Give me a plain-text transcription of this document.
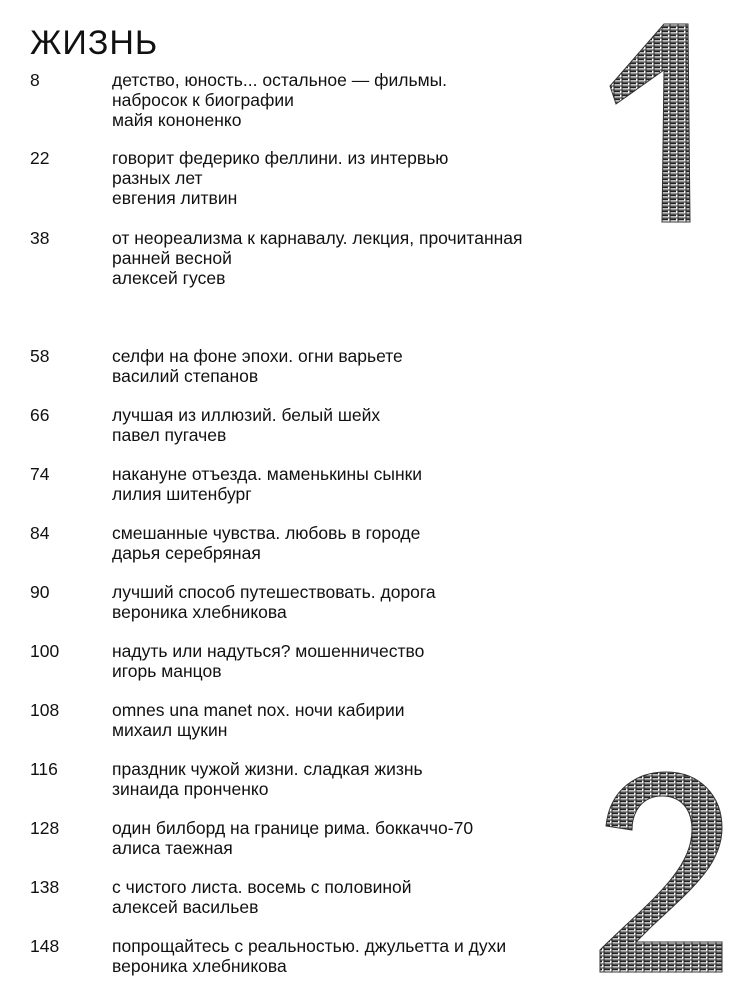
ЖИЗНЬ
1
2
8	детство, юность... остальное — фильмы.
набросок к биографии
майя кононенко
22	говорит федерико феллини. из интервью
разных лет
евгения литвин
38	от неореализма к карнавалу. лекция, прочитанная
ранней весной
алексей гусев
58	селфи на фоне эпохи. огни варьете
василий степанов
66	лучшая из иллюзий. белый шейх
павел пугачев
74	накануне отъезда. маменькины сынки
лилия шитенбург
84	смешанные чувства. любовь в городе
дарья серебряная
90	лучший способ путешествовать. дорога
вероника хлебникова
100	надуть или надуться? мошенничество
игорь манцов
108	omnes una manet nox. ночи кабирии
михаил щукин
116	праздник чужой жизни. сладкая жизнь
зинаида пронченко
128	один билборд на границе рима. боккаччо-70
алиса таежная
138	с чистого листа. восемь с половиной
алексей васильев
148	попрощайтесь с реальностью. джульетта и духи
вероника хлебникова
